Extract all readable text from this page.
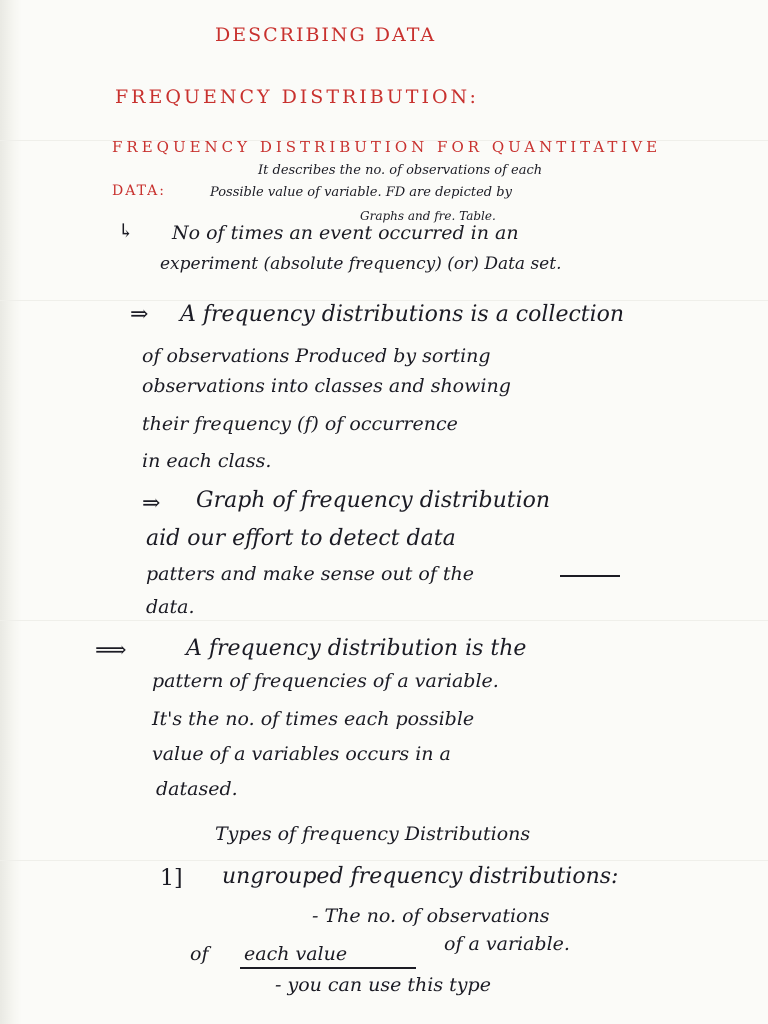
DESCRIBING DATA
FREQUENCY DISTRIBUTION:
FREQUENCY DISTRIBUTION FOR QUANTITATIVE
DATA:
It describes the no. of observations of each
Possible value of variable. FD are depicted by
Graphs and fre. Table.
↳ No of times an event occurred in an
experiment (absolute frequency) (or) Data set.
⇒ A frequency distributions is a collection
of observations Produced by sorting
observations into classes and showing
their frequency (f) of occurrence
in each class.
⇒ Graph of frequency distribution
aid our effort to detect data
patters and make sense out of the
data.
⟹	A frequency distribution is the
pattern of frequencies of a variable.
It's the no. of times each possible
value of a variables occurs in a
datased.
Types of frequency Distributions
1] ungrouped frequency distributions:
- The no. of observations
of each value	of a variable.
- you can use this type
